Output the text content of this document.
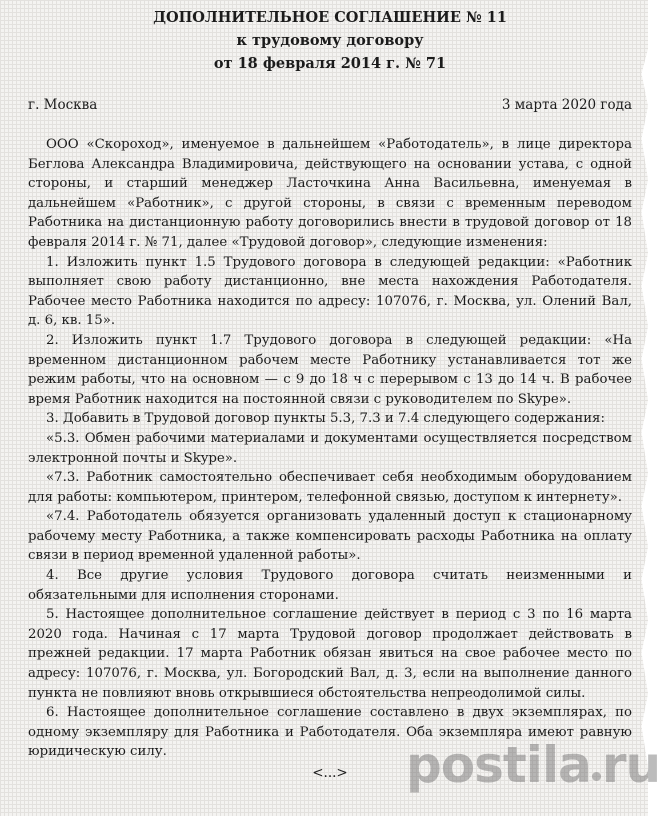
ДОПОЛНИТЕЛЬНОЕ СОГЛАШЕНИЕ № 11
к трудовому договору
от 18 февраля 2014 г. № 71
г. Москва	3 марта 2020 года

ООО «Скороход», именуемое в дальнейшем «Работодатель», в лице директора Беглова Александра Владимировича, действующего на основании устава, с одной стороны, и старший менеджер Ласточкина Анна Васильевна, именуемая в дальнейшем «Работник», с другой стороны, в связи с временным переводом Работника на дистанционную работу договорились внести в трудовой договор от 18 февраля 2014 г. № 71, далее «Трудовой договор», следующие изменения:

1. Изложить пункт 1.5 Трудового договора в следующей редакции: «Работник выполняет свою работу дистанционно, вне места нахождения Работодателя. Рабочее место Работника находится по адресу: 107076, г. Москва, ул. Олений Вал, д. 6, кв. 15».

2. Изложить пункт 1.7 Трудового договора в следующей редакции: «На временном дистанционном рабочем месте Работнику устанавливается тот же режим работы, что на основном — с 9 до 18 ч с перерывом с 13 до 14 ч. В рабочее время Работник находится на постоянной связи с руководителем по Skype».

3. Добавить в Трудовой договор пункты 5.3, 7.3 и 7.4 следующего содержания:

«5.3. Обмен рабочими материалами и документами осуществляется посредством электронной почты и Skype».

«7.3. Работник самостоятельно обеспечивает себя необходимым оборудованием для работы: компьютером, принтером, телефонной связью, доступом к интернету».

«7.4. Работодатель обязуется организовать удаленный доступ к стационарному рабочему месту Работника, а также компенсировать расходы Работника на оплату связи в период временной удаленной работы».

4. Все другие условия Трудового договора считать неизменными и обязательными для исполнения сторонами.

5. Настоящее дополнительное соглашение действует в период с 3 по 16 марта 2020 года. Начиная с 17 марта Трудовой договор продолжает действовать в прежней редакции. 17 марта Работник обязан явиться на свое рабочее место по адресу: 107076, г. Москва, ул. Богородский Вал, д. 3, если на выполнение данного пункта не повлияют вновь открывшиеся обстоятельства непреодолимой силы.

6. Настоящее дополнительное соглашение составлено в двух экземплярах, по одному экземпляру для Работника и Работодателя. Оба экземпляра имеют равную юридическую силу.

<...>	postila ru
